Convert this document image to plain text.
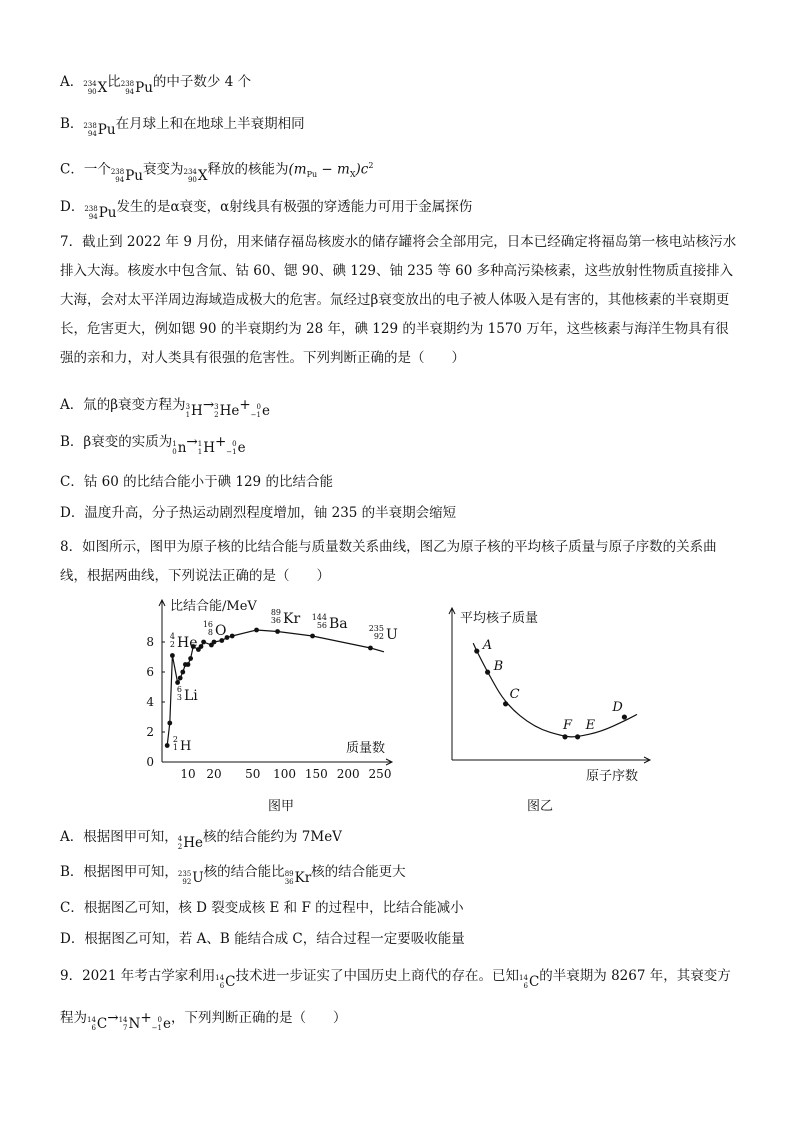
A． 234
90 X 比 238
94 Pu 的中子数少 4 个
B． 238
94 Pu 在月球上和在地球上半衰期相同
C．一个 238
94 Pu 衰变为 234
90 X 释放的核能为$(m_{Pu} - m_X)c^2$
D． 238
94 Pu 发生的是α衰变，α射线具有极强的穿透能力可用于金属探伤
7．截止到 2022 年 9 月份，用来储存福岛核废水的储存罐将会全部用完，日本已经确定将福岛第一核电站核污水排入大海。核废水中包含氚、钴 60、锶 90、碘 129、铀 235 等 60 多种高污染核素，这些放射性物质直接排入大海，会对太平洋周边海域造成极大的危害。氚经过β衰变放出的电子被人体吸入是有害的，其他核素的半衰期更长，危害更大，例如锶 90 的半衰期约为 28 年，碘 129 的半衰期约为 1570 万年，这些核素与海洋生物具有很强的亲和力，对人类具有很强的危害性。下列判断正确的是（　　）
A．氚的β衰变方程为 3
1 H→ 3
2 He+ 0
−1 e
B．β衰变的实质为 1
0 n→ 1
1 H+ 0
−1 e
C．钴 60 的比结合能小于碘 129 的比结合能
D．温度升高，分子热运动剧烈程度增加，铀 235 的半衰期会缩短
8．如图所示，图甲为原子核的比结合能与质量数关系曲线，图乙为原子核的平均核子质量与原子序数的关系曲线，根据两曲线，下列说法正确的是（　　）
0
2
4
6
8
10 20 50 100 150 200 250
比结合能/MeV
质量数
4
2 He
6
3 Li
2
1 H
16
8 O
89
36 Kr 144
56 Ba	235
92 U
图甲
平均核子质量
原子序数
A
B
C
F E
D
图乙
A．根据图甲可知， 4
2 He核的结合能约为 7MeV
B．根据图甲可知， 235
92 U核的结合能比 89
36 Kr核的结合能更大
C．根据图乙可知，核 D 裂变成核 E 和 F 的过程中，比结合能减小
D．根据图乙可知，若 A、B 能结合成 C，结合过程一定要吸收能量
9．2021 年考古学家利用 14
6 C技术进一步证实了中国历史上商代的存在。已知 14
6 C的半衰期为 8267 年，其衰变方
程为 14
6 C→ 14
7 N+ 0
−1 e，下列判断正确的是（　　）
